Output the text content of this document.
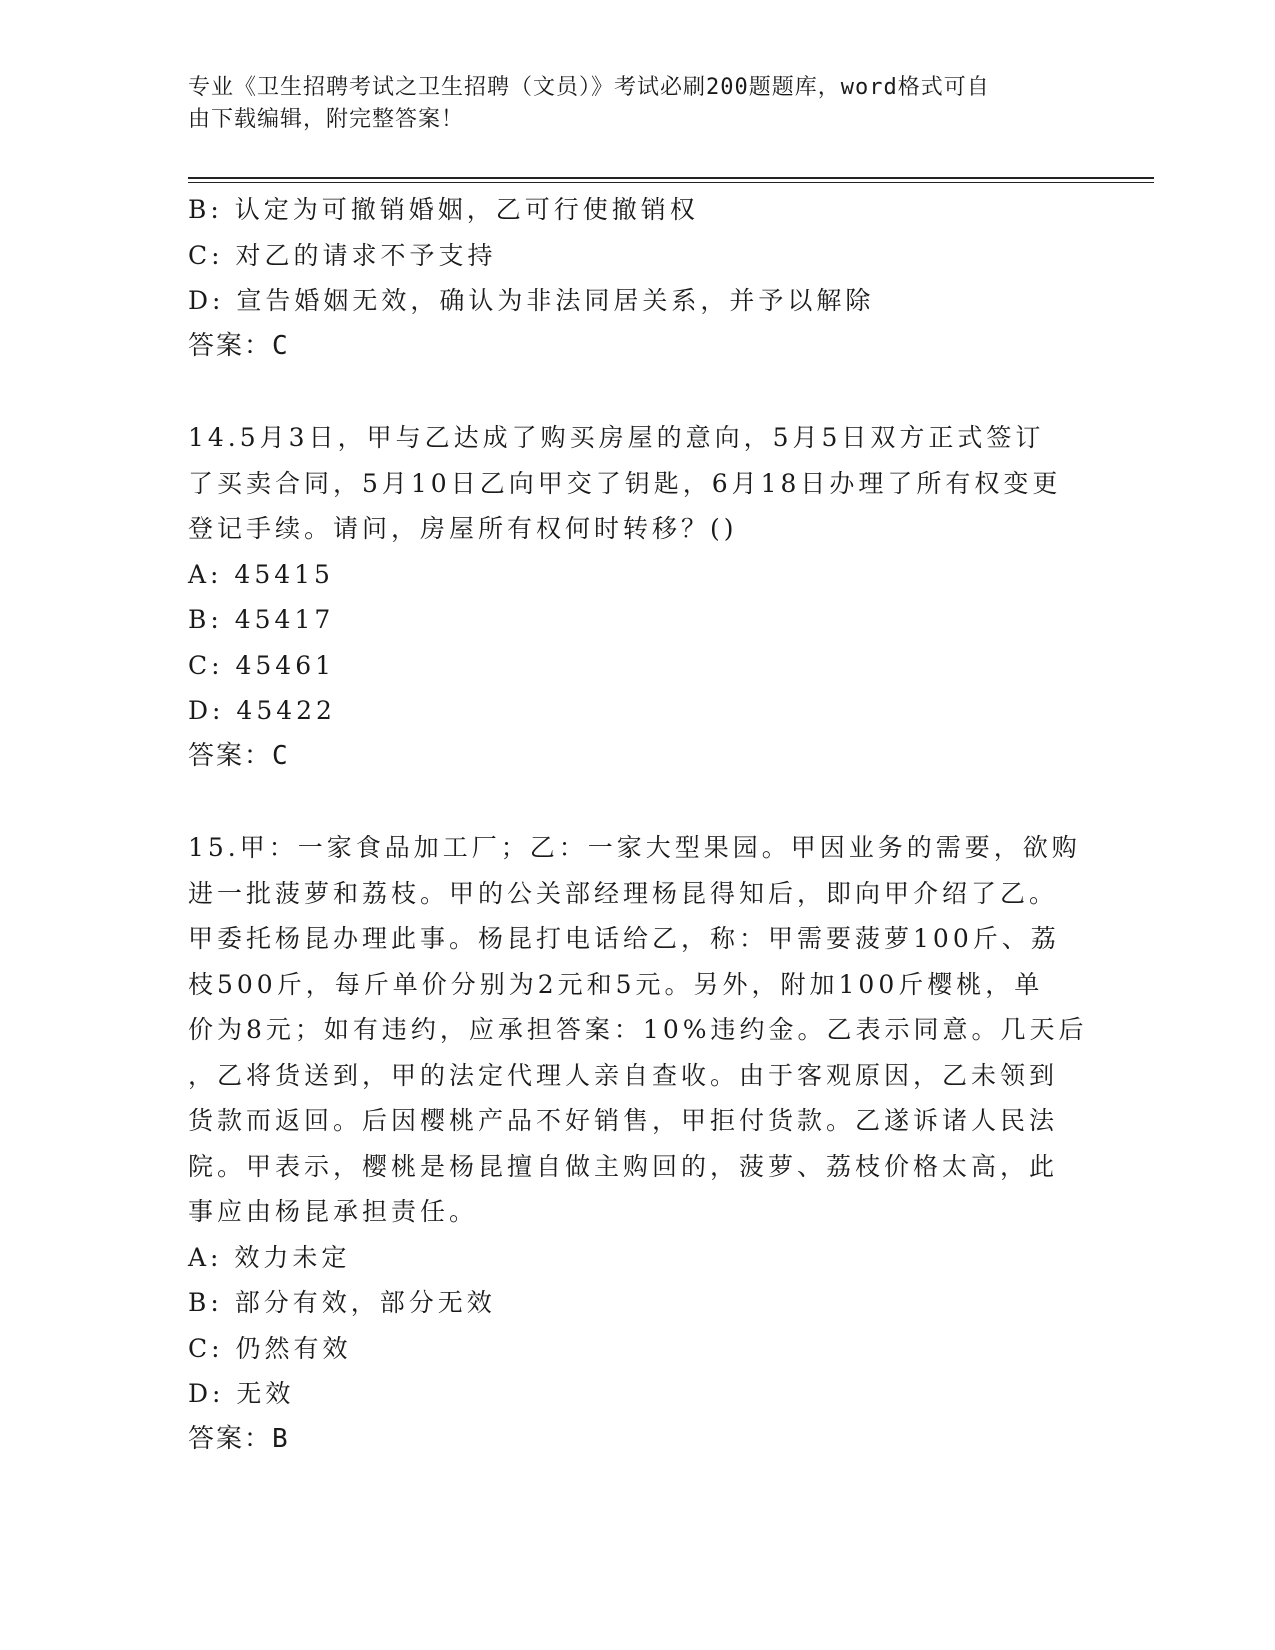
专业《卫生招聘考试之卫生招聘（文员）》考试必刷200题题库，word格式可自
由下载编辑，附完整答案！
B: 认定为可撤销婚姻，乙可行使撤销权
C: 对乙的请求不予支持
D: 宣告婚姻无效，确认为非法同居关系，并予以解除
答案：C
14.5月3日，甲与乙达成了购买房屋的意向，5月5日双方正式签订
了买卖合同，5月10日乙向甲交了钥匙，6月18日办理了所有权变更
登记手续。请问，房屋所有权何时转移？()
A: 45415
B: 45417
C: 45461
D: 45422
答案：C
15.甲：一家食品加工厂；乙：一家大型果园。甲因业务的需要，欲购
进一批菠萝和荔枝。甲的公关部经理杨昆得知后，即向甲介绍了乙。
甲委托杨昆办理此事。杨昆打电话给乙，称：甲需要菠萝100斤、荔
枝500斤，每斤单价分别为2元和5元。另外，附加100斤樱桃，单
价为8元；如有违约，应承担答案：10%违约金。乙表示同意。几天后
，乙将货送到，甲的法定代理人亲自查收。由于客观原因，乙未领到
货款而返回。后因樱桃产品不好销售，甲拒付货款。乙遂诉诸人民法
院。甲表示，樱桃是杨昆擅自做主购回的，菠萝、荔枝价格太高，此
事应由杨昆承担责任。
A: 效力未定
B: 部分有效，部分无效
C: 仍然有效
D: 无效
答案：B
